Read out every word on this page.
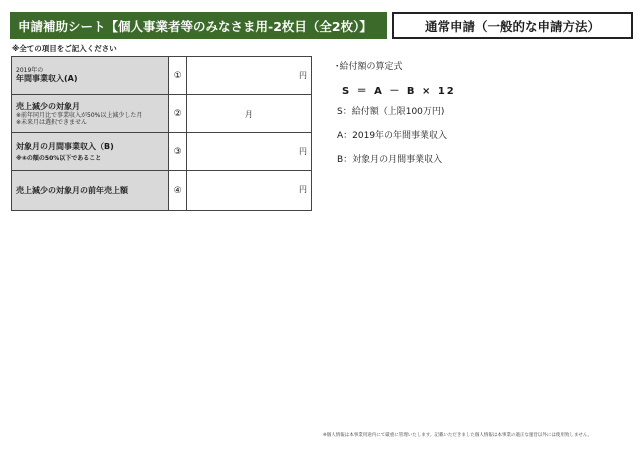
申請補助シート【個人事業者等のみなさま用-2枚目（全2枚）】	通常申請（一般的な申請方法）
※全ての項目をご記入ください
2019年の
年間事業収入(A)	①	円

売上減少の対象月
※前年同月比で事業収入が50%以上減少した月
※未来月は選択できません	②	月

対象月の月間事業収入（B)
※④の額の50%以下であること	③	円

売上減少の対象月の前年売上額	④	円
･給付額の算定式
S ＝ A － B × 12
S：給付額（上限100万円)
A：2019年の年間事業収入
B：対象月の月間事業収入
※個人情報は本事業用途内にて厳重に管理いたします。記載いただきました個人情報は本事業の適正な運営以外には使用致しません。
